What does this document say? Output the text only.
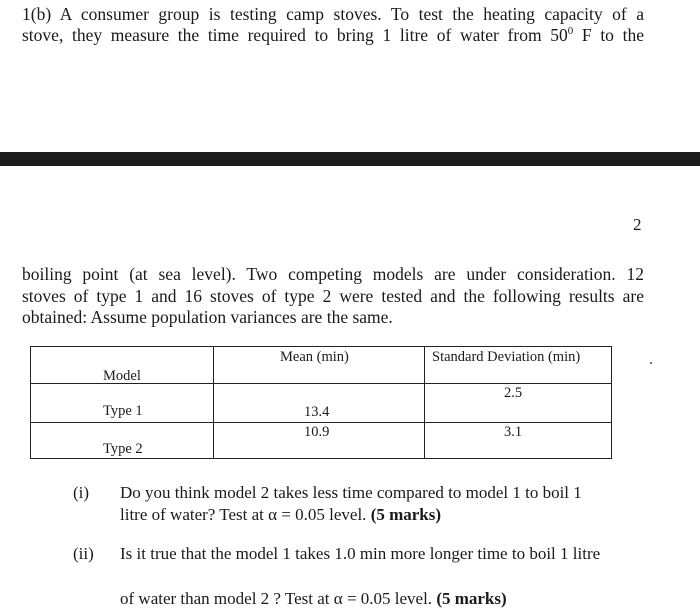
1(b) A consumer group is testing camp stoves. To test the heating capacity of a
stove, they measure the time required to bring 1 litre of water from $50^0$ F to the
2
boiling point (at sea level). Two competing models are under consideration. 12
stoves of type 1 and 16 stoves of type 2 were tested and the following results are
obtained: Assume population variances are the same.
Model	Mean (min)	Standard Deviation (min)

Type 1	13.4	2.5

Type 2	10.9	3.1
(i) Do you think model 2 takes less time compared to model 1 to boil 1
litre of water? Test at α = 0.05 level. (5 marks)
(ii) Is it true that the model 1 takes 1.0 min more longer time to boil 1 litre
of water than model 2 ? Test at α = 0.05 level. (5 marks)
